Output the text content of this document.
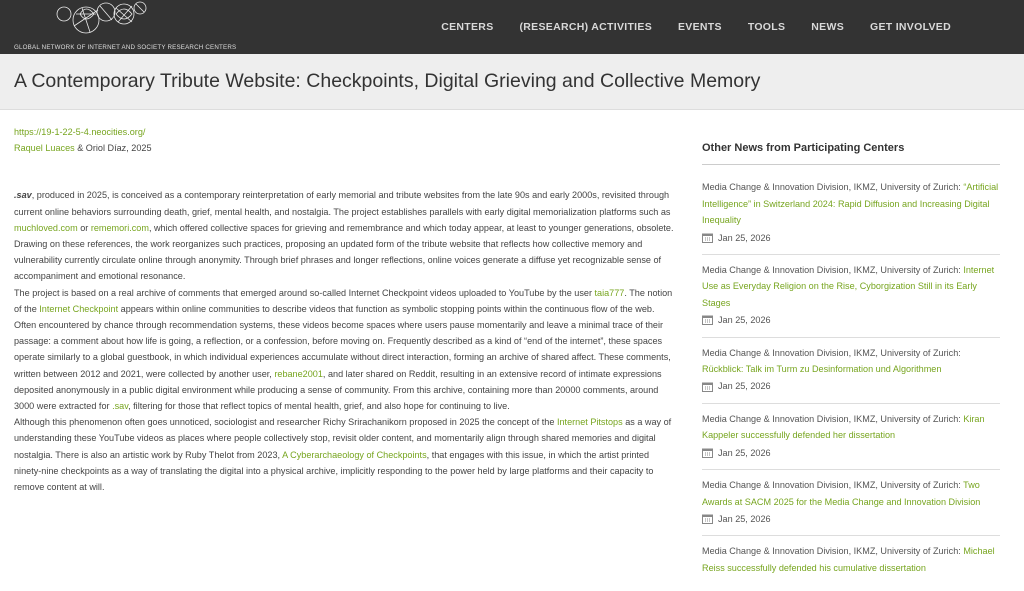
GLOBAL NETWORK OF INTERNET AND SOCIETY RESEARCH CENTERS
CENTERS	(RESEARCH) ACTIVITIES	EVENTS	TOOLS	NEWS	GET INVOLVED
A Contemporary Tribute Website: Checkpoints, Digital Grieving and Collective Memory
https://19-1-22-5-4.neocities.org/
Raquel Luaces & Oriol Díaz, 2025

.sav, produced in 2025, is conceived as a contemporary reinterpretation of early memorial and tribute websites from the late 90s and early 2000s, revisited through current online behaviors surrounding death, grief, mental health, and nostalgia. The project establishes parallels with early digital memorialization platforms such as muchloved.com or rememori.com, which offered collective spaces for grieving and remembrance and which today appear, at least to younger generations, obsolete. Drawing on these references, the work reorganizes such practices, proposing an updated form of the tribute website that reflects how collective memory and vulnerability currently circulate online through anonymity. Through brief phrases and longer reflections, online voices generate a diffuse yet recognizable sense of accompaniment and emotional resonance.

The project is based on a real archive of comments that emerged around so-called Internet Checkpoint videos uploaded to YouTube by the user taia777. The notion of the Internet Checkpoint appears within online communities to describe videos that function as symbolic stopping points within the continuous flow of the web. Often encountered by chance through recommendation systems, these videos become spaces where users pause momentarily and leave a minimal trace of their passage: a comment about how life is going, a reflection, or a confession, before moving on. Frequently described as a kind of “end of the internet”, these spaces operate similarly to a global guestbook, in which individual experiences accumulate without direct interaction, forming an archive of shared affect. These comments, written between 2012 and 2021, were collected by another user, rebane2001, and later shared on Reddit, resulting in an extensive record of intimate expressions deposited anonymously in a public digital environment while producing a sense of community. From this archive, containing more than 20000 comments, around 3000 were extracted for .sav, filtering for those that reflect topics of mental health, grief, and also hope for continuing to live.

Although this phenomenon often goes unnoticed, sociologist and researcher Richy Srirachanikorn proposed in 2025 the concept of the Internet Pitstops as a way of understanding these YouTube videos as places where people collectively stop, revisit older content, and momentarily align through shared memories and digital nostalgia. There is also an artistic work by Ruby Thelot from 2023, A Cyberarchaeology of Checkpoints, that engages with this issue, in which the artist printed ninety-nine checkpoints as a way of translating the digital into a physical archive, implicitly responding to the power held by large platforms and their capacity to remove content at will.

Other News from Participating Centers
Media Change & Innovation Division, IKMZ, University of Zurich: “Artificial Intelligence” in Switzerland 2024: Rapid Diffusion and Increasing Digital Inequality
Jan 25, 2026
Media Change & Innovation Division, IKMZ, University of Zurich: Internet Use as Everyday Religion on the Rise, Cyborgization Still in its Early Stages
Jan 25, 2026
Media Change & Innovation Division, IKMZ, University of Zurich: Rückblick: Talk im Turm zu Desinformation und Algorithmen
Jan 25, 2026
Media Change & Innovation Division, IKMZ, University of Zurich: Kiran Kappeler successfully defended her dissertation
Jan 25, 2026
Media Change & Innovation Division, IKMZ, University of Zurich: Two Awards at SACM 2025 for the Media Change and Innovation Division
Jan 25, 2026
Media Change & Innovation Division, IKMZ, University of Zurich: Michael Reiss successfully defended his cumulative dissertation
